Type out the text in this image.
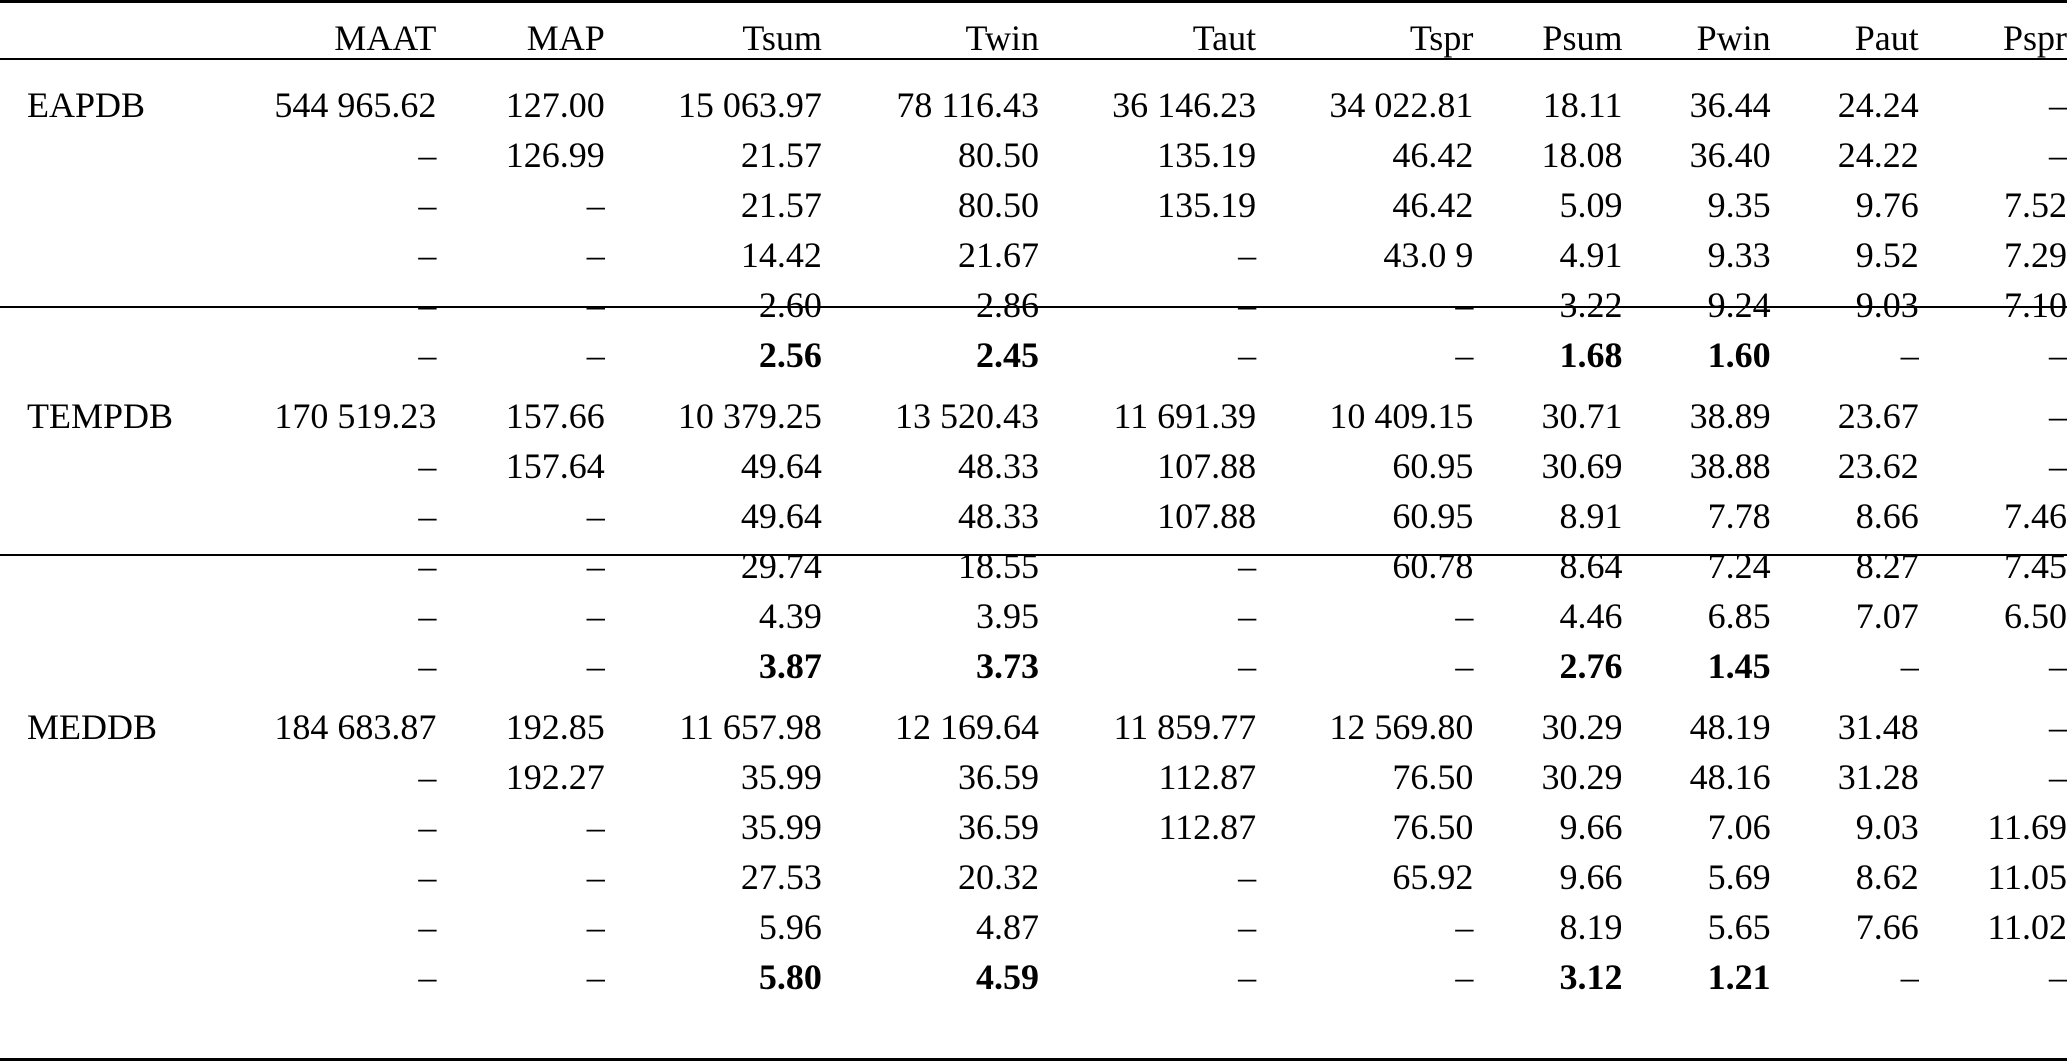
	MAAT	MAP	Tsum	Twin	Taut	Tspr	Psum	Pwin	Paut	Pspr

EAPDB	544 965.62	127.00	15 063.97	78 116.43	36 146.23	34 022.81	18.11	36.44	24.24	–
	–	126.99	21.57	80.50	135.19	46.42	18.08	36.40	24.22	–
	–	–	21.57	80.50	135.19	46.42	5.09	9.35	9.76	7.52
	–	–	14.42	21.67	–	43.0 9	4.91	9.33	9.52	7.29
	–	–	2.60	2.86	–	–	3.22	9.24	9.03	7.10
	–	–	2.56	2.45	–	–	1.68	1.60	–	–

TEMPDB	170 519.23	157.66	10 379.25	13 520.43	11 691.39	10 409.15	30.71	38.89	23.67	–
	–	157.64	49.64	48.33	107.88	60.95	30.69	38.88	23.62	–
	–	–	49.64	48.33	107.88	60.95	8.91	7.78	8.66	7.46
	–	–	29.74	18.55	–	60.78	8.64	7.24	8.27	7.45
	–	–	4.39	3.95	–	–	4.46	6.85	7.07	6.50
	–	–	3.87	3.73	–	–	2.76	1.45	–	–

MEDDB	184 683.87	192.85	11 657.98	12 169.64	11 859.77	12 569.80	30.29	48.19	31.48	–
	–	192.27	35.99	36.59	112.87	76.50	30.29	48.16	31.28	–
	–	–	35.99	36.59	112.87	76.50	9.66	7.06	9.03	11.69
	–	–	27.53	20.32	–	65.92	9.66	5.69	8.62	11.05
	–	–	5.96	4.87	–	–	8.19	5.65	7.66	11.02
	–	–	5.80	4.59	–	–	3.12	1.21	–	–
